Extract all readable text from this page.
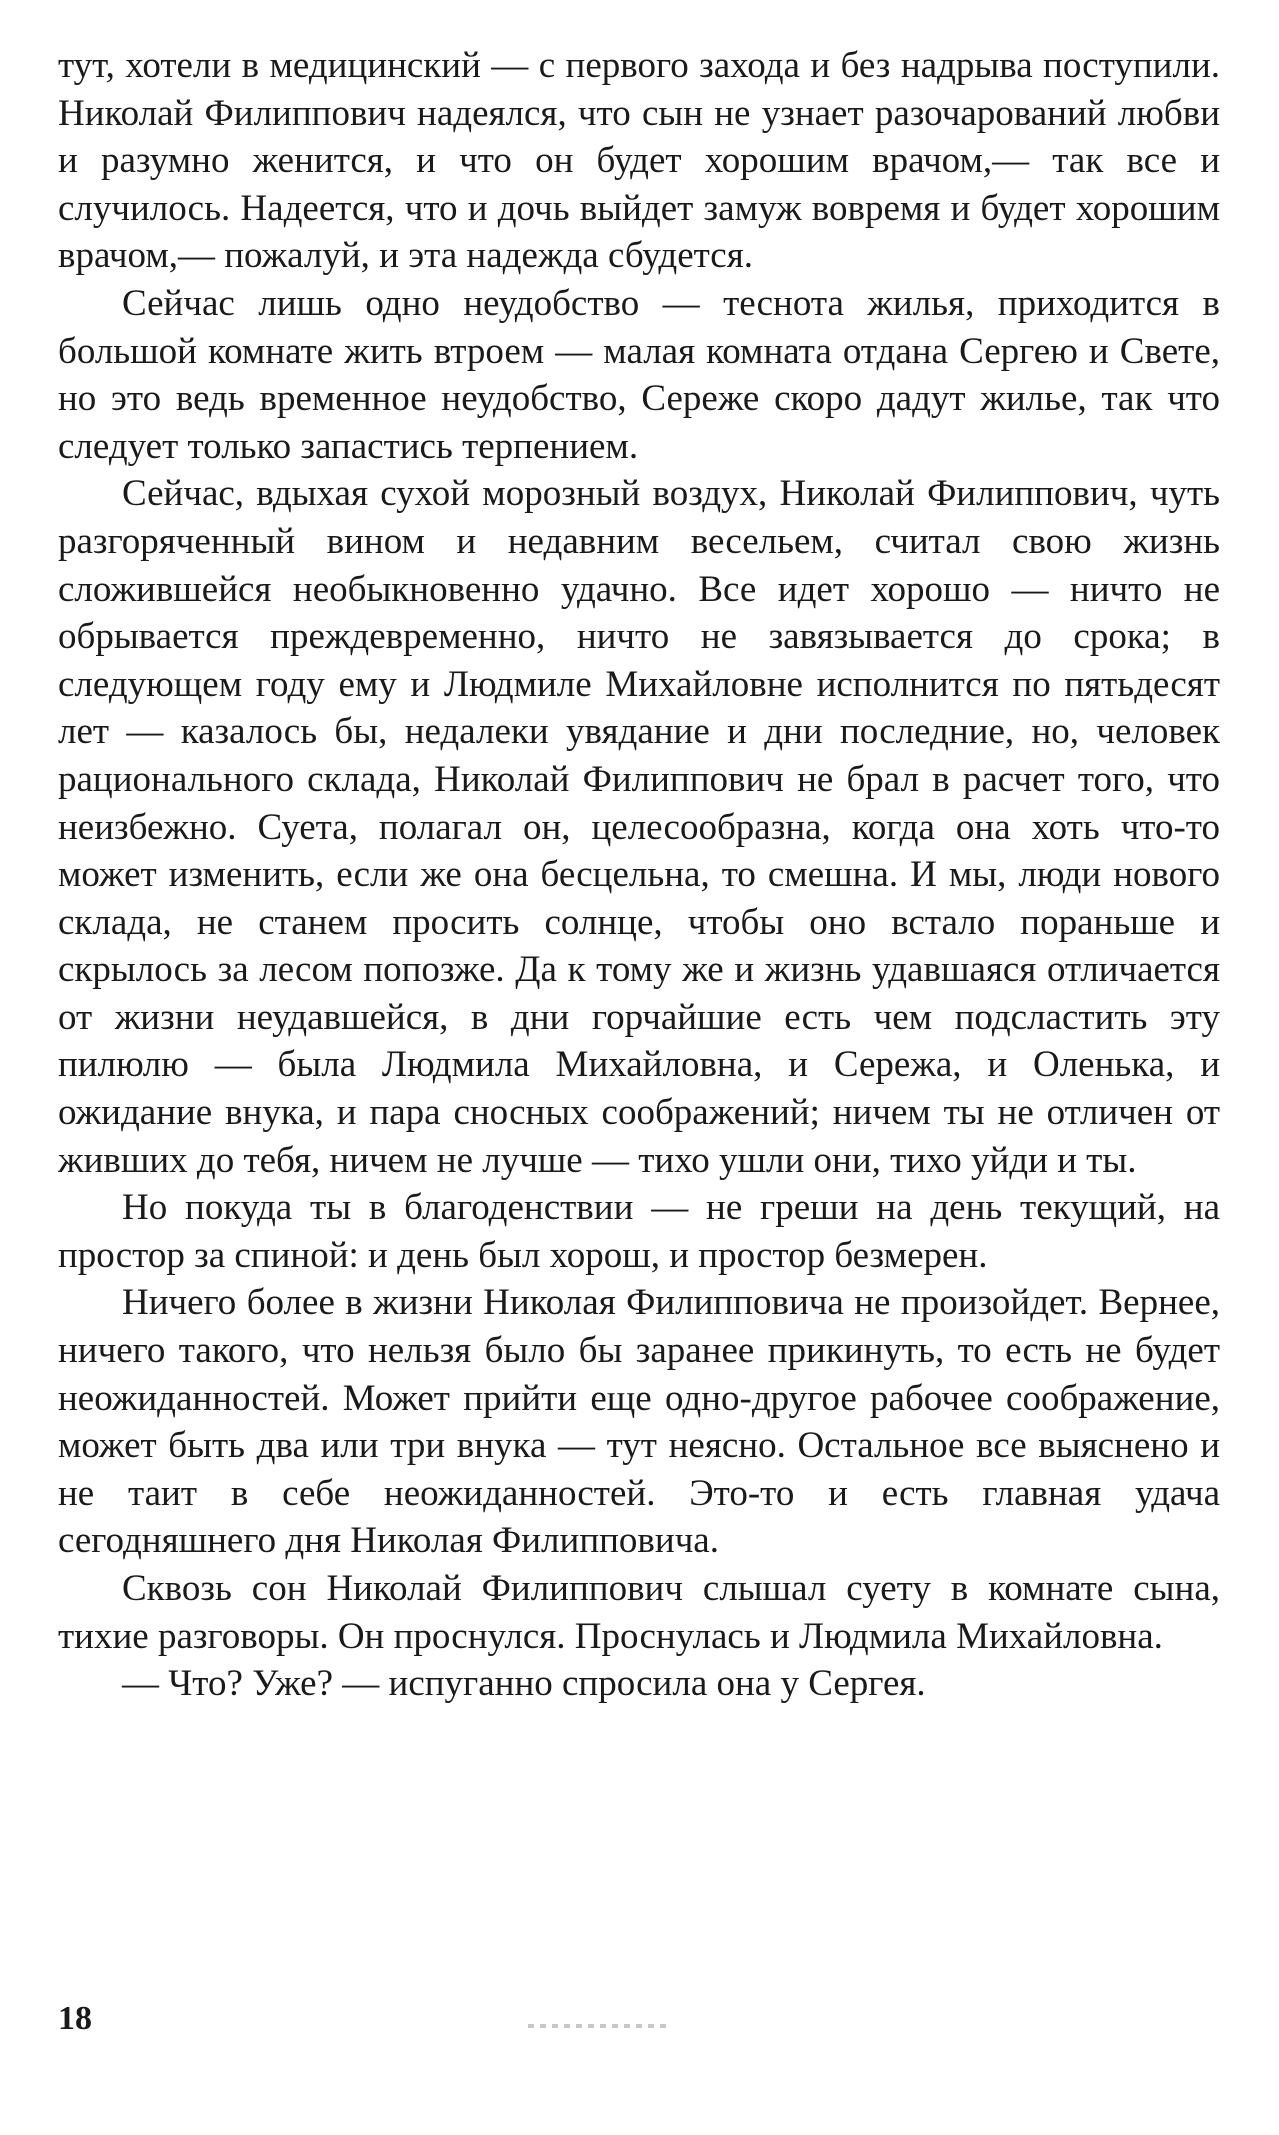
тут, хотели в медицинский — с первого захода и без надрыва поступили. Николай Филиппович надеялся, что сын не узнает разочарований любви и разумно женится, и что он будет хорошим врачом,— так все и случилось. Надеется, что и дочь выйдет замуж вовремя и будет хорошим врачом,— пожалуй, и эта надежда сбудется.

Сейчас лишь одно неудобство — теснота жилья, приходится в большой комнате жить втроем — малая комната отдана Сергею и Свете, но это ведь временное неудобство, Сереже скоро дадут жилье, так что следует только запастись терпением.

Сейчас, вдыхая сухой морозный воздух, Николай Филиппович, чуть разгоряченный вином и недавним весельем, считал свою жизнь сложившейся необыкновенно удачно. Все идет хорошо — ничто не обрывается преждевременно, ничто не завязывается до срока; в следующем году ему и Людмиле Михайловне исполнится по пятьдесят лет — казалось бы, недалеки увядание и дни последние, но, человек рационального склада, Николай Филиппович не брал в расчет того, что неизбежно. Суета, полагал он, целесообразна, когда она хоть что-то может изменить, если же она бесцельна, то смешна. И мы, люди нового склада, не станем просить солнце, чтобы оно встало пораньше и скрылось за лесом попозже. Да к тому же и жизнь удавшаяся отличается от жизни неудавшейся, в дни горчайшие есть чем подсластить эту пилюлю — была Людмила Михайловна, и Сережа, и Оленька, и ожидание внука, и пара сносных соображений; ничем ты не отличен от живших до тебя, ничем не лучше — тихо ушли они, тихо уйди и ты.

Но покуда ты в благоденствии — не греши на день текущий, на простор за спиной: и день был хорош, и простор безмерен.

Ничего более в жизни Николая Филипповича не произойдет. Вернее, ничего такого, что нельзя было бы заранее прикинуть, то есть не будет неожиданностей. Может прийти еще одно-другое рабочее соображение, может быть два или три внука — тут неясно. Остальное все выяснено и не таит в себе неожиданностей. Это-то и есть главная удача сегодняшнего дня Николая Филипповича.

Сквозь сон Николай Филиппович слышал суету в комнате сына, тихие разговоры. Он проснулся. Проснулась и Людмила Михайловна.

— Что? Уже? — испуганно спросила она у Сергея.

18
